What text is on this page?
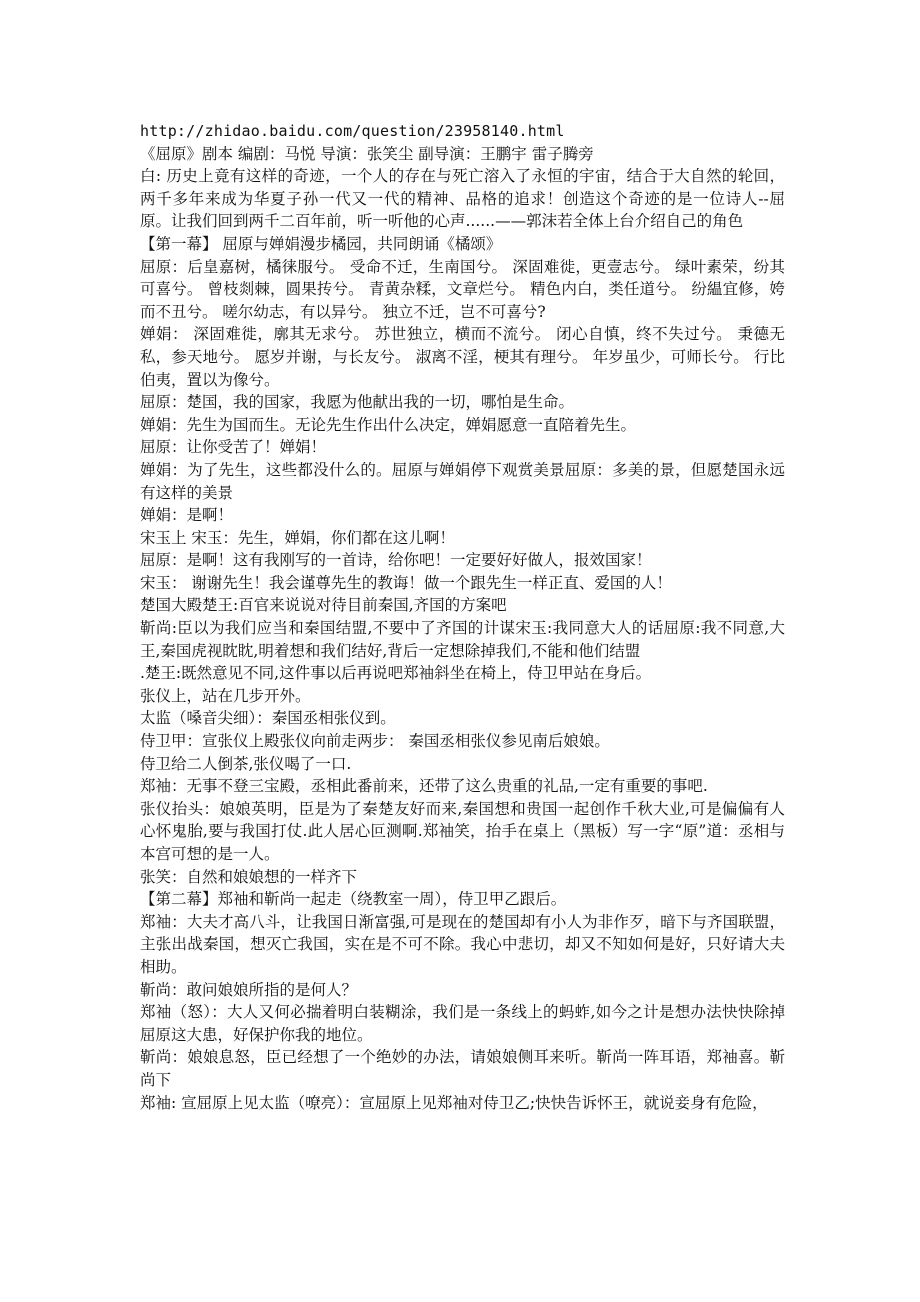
http://zhidao.baidu.com/question/23958140.html

《屈原》剧本 编剧：马悦 导演：张笑尘 副导演：王鹏宇 雷子腾旁

白: 历史上竟有这样的奇迹，一个人的存在与死亡溶入了永恒的宇宙，结合于大自然的轮回，两千多年来成为华夏子孙一代又一代的精神、品格的追求！创造这个奇迹的是一位诗人--屈原。让我们回到两千二百年前，听一听他的心声......——郭沫若全体上台介绍自己的角色

【第一幕】 屈原与婵娟漫步橘园，共同朗诵《橘颂》

屈原：后皇嘉树，橘徕服兮。 受命不迁，生南国兮。 深固难徙，更壹志兮。 绿叶素荣，纷其可喜兮。 曾枝剡棘，圆果抟兮。 青黄杂糅，文章烂兮。 精色内白，类任道兮。 纷緼宜修，姱而不丑兮。 嗟尔幼志，有以异兮。 独立不迁，岂不可喜兮?

婵娟： 深固难徙，廓其无求兮。 苏世独立，横而不流兮。 闭心自慎，终不失过兮。 秉德无私，参天地兮。 愿岁并谢，与长友兮。 淑离不淫，梗其有理兮。 年岁虽少，可师长兮。 行比伯夷，置以为像兮。

屈原：楚国，我的国家，我愿为他献出我的一切，哪怕是生命。

婵娟：先生为国而生。无论先生作出什么决定，婵娟愿意一直陪着先生。

屈原：让你受苦了！婵娟！

婵娟：为了先生，这些都没什么的。屈原与婵娟停下观赏美景屈原：多美的景，但愿楚国永远有这样的美景

婵娟：是啊！

宋玉上 宋玉：先生，婵娟，你们都在这儿啊！

屈原：是啊！这有我刚写的一首诗，给你吧！一定要好好做人，报效国家！

宋玉： 谢谢先生！我会谨尊先生的教诲！做一个跟先生一样正直、爱国的人！

楚国大殿楚王:百官来说说对待目前秦国,齐国的方案吧

靳尚:臣以为我们应当和秦国结盟,不要中了齐国的计谋宋玉:我同意大人的话屈原:我不同意,大王,秦国虎视眈眈,明着想和我们结好,背后一定想除掉我们,不能和他们结盟

.楚王:既然意见不同,这件事以后再说吧郑袖斜坐在椅上，侍卫甲站在身后。

张仪上，站在几步开外。

太监（嗓音尖细）：秦国丞相张仪到。

侍卫甲：宣张仪上殿张仪向前走两步： 秦国丞相张仪参见南后娘娘。

侍卫给二人倒茶,张仪喝了一口.

郑袖：无事不登三宝殿，丞相此番前来，还带了这么贵重的礼品,一定有重要的事吧.

张仪抬头：娘娘英明，臣是为了秦楚友好而来,秦国想和贵国一起创作千秋大业,可是偏偏有人心怀鬼胎,要与我国打仗.此人居心叵测啊.郑袖笑，抬手在桌上（黑板）写一字“原”道：丞相与本宫可想的是一人。

张笑：自然和娘娘想的一样齐下

【第二幕】郑袖和靳尚一起走（绕教室一周），侍卫甲乙跟后。

郑袖：大夫才高八斗，让我国日渐富强,可是现在的楚国却有小人为非作歹，暗下与齐国联盟，主张出战秦国，想灭亡我国，实在是不可不除。我心中悲切，却又不知如何是好，只好请大夫相助。

靳尚：敢问娘娘所指的是何人？

郑袖（怒）：大人又何必揣着明白装糊涂，我们是一条线上的蚂蚱,如今之计是想办法快快除掉屈原这大患，好保护你我的地位。

靳尚：娘娘息怒，臣已经想了一个绝妙的办法，请娘娘侧耳来听。靳尚一阵耳语，郑袖喜。靳尚下

郑袖: 宣屈原上见太监（嘹亮）：宣屈原上见郑袖对侍卫乙;快快告诉怀王，就说妾身有危险，
